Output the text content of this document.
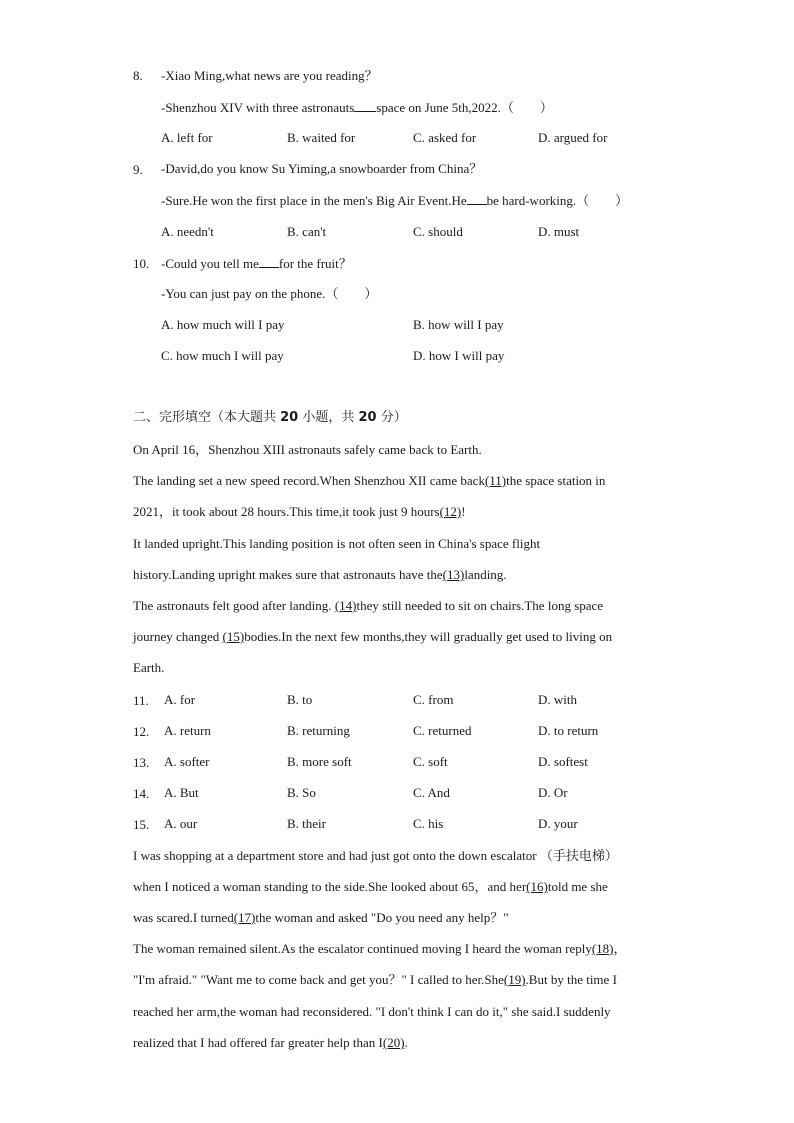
8. -Xiao Ming,what news are you reading？
-Shenzhou XIV with three astronauts space on June 5th,2022.（　　）
A. left for	B. waited for	C. asked for	D. argued for
9. -David,do you know Su Yiming,a snowboarder from China？
-Sure.He won the first place in the men's Big Air Event.He be hard-working.（　　）
A. needn't	B. can't	C. should	D. must
10. -Could you tell me for the fruit？
-You can just pay on the phone.（　　）
A. how much will I pay	B. how will I pay
C. how much I will pay	D. how I will pay
二、完形填空（本大题共 20 小题，共 20 分）
On April 16，Shenzhou XIII astronauts safely came back to Earth.
The landing set a new speed record.When Shenzhou XII came back(11)the space station in
2021，it took about 28 hours.This time,it took just 9 hours(12)!
It landed upright.This landing position is not often seen in China's space flight
history.Landing upright makes sure that astronauts have the(13)landing.
The astronauts felt good after landing. (14)they still needed to sit on chairs.The long space
journey changed (15)bodies.In the next few months,they will gradually get used to living on
Earth.
11. A. for	B. to	C. from	D. with
12. A. return	B. returning	C. returned	D. to return
13. A. softer	B. more soft	C. soft	D. softest
14. A. But	B. So	C. And	D. Or
15. A. our	B. their	C. his	D. your
I was shopping at a department store and had just got onto the down escalator （手扶电梯）
when I noticed a woman standing to the side.She looked about 65，and her(16)told me she
was scared.I turned(17)the woman and asked "Do you need any help？"
The woman remained silent.As the escalator continued moving I heard the woman reply(18)，
"I'm afraid." "Want me to come back and get you？" I called to her.She(19).But by the time I
reached her arm,the woman had reconsidered. "I don't think I can do it," she said.I suddenly
realized that I had offered far greater help than I(20).
